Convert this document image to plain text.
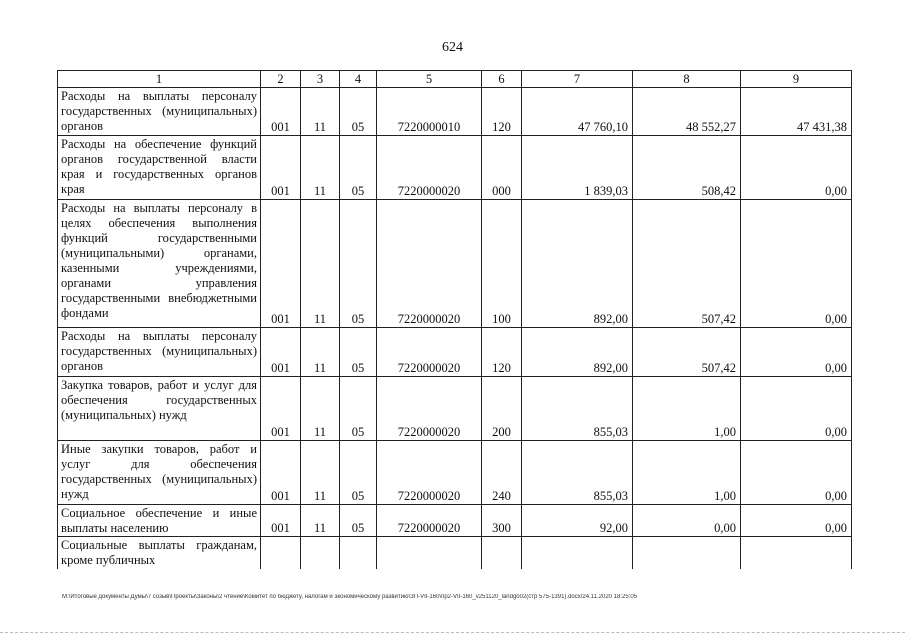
624
1	2	3	4	5	6	7	8	9
Расходы на выплаты персоналу государственных (муниципальных) органов	001	11	05	7220000010	120	47 760,10	48 552,27	47 431,38
Расходы на обеспечение функций органов государственной власти края и государственных органов края	001	11	05	7220000020	000	1 839,03	508,42	0,00
Расходы на выплаты персоналу в целях обеспечения выполнения функций государственными (муниципальными) органами, казенными учреждениями, органами управления государственными внебюджетными фондами	001	11	05	7220000020	100	892,00	507,42	0,00
Расходы на выплаты персоналу государственных (муниципальных) органов	001	11	05	7220000020	120	892,00	507,42	0,00
Закупка товаров, работ и услуг для обеспечения государственных (муниципальных) нужд	001	11	05	7220000020	200	855,03	1,00	0,00
Иные закупки товаров, работ и услуг для обеспечения государственных (муниципальных) нужд	001	11	05	7220000020	240	855,03	1,00	0,00
Социальное обеспечение и иные выплаты населению	001	11	05	7220000020	300	92,00	0,00	0,00
Социальные выплаты гражданам, кроме публичных								
M:\Итоговые документы Думы\7 созыв\Проекты\Законы\2 чтение\Комитет по бюджету, налогам и экономическому развитию\ЗП-VII-160\пр2-VII-160_v251120_landgo02(стр 575-1391).docx/24.11.2020 18:25:05
